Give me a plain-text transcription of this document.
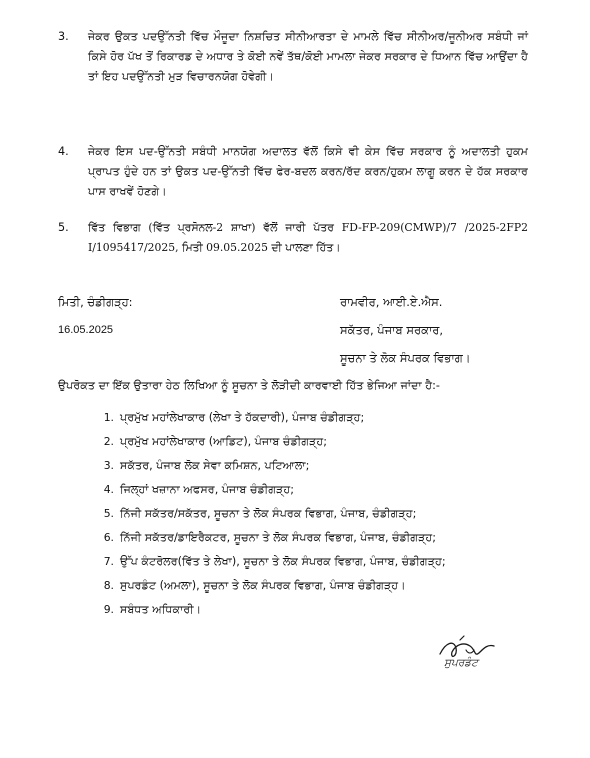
3. ਜੇਕਰ ਉਕਤ ਪਦਉੱਨਤੀ ਵਿੱਚ ਮੌਜੂਦਾ ਨਿਸ਼ਚਿਤ ਸੀਨੀਆਰਤਾ ਦੇ ਮਾਮਲੇ ਵਿੱਚ ਸੀਨੀਅਰ/ਜੂਨੀਅਰ ਸਬੰਧੀ ਜਾਂ ਕਿਸੇ ਹੋਰ ਪੱਖ ਤੋਂ ਰਿਕਾਰਡ ਦੇ ਅਧਾਰ ਤੇ ਕੋਈ ਨਵੇਂ ਤੱਥ/ਕੋਈ ਮਾਮਲਾ ਜੇਕਰ ਸਰਕਾਰ ਦੇ ਧਿਆਨ ਵਿੱਚ ਆਉਂਦਾ ਹੈ ਤਾਂ ਇਹ ਪਦਉੱਨਤੀ ਮੁੜ ਵਿਚਾਰਨਯੋਗ ਹੋਵੇਗੀ।
4. ਜੇਕਰ ਇਸ ਪਦ-ਉੱਨਤੀ ਸਬੰਧੀ ਮਾਨਯੋਗ ਅਦਾਲਤ ਵੱਲੋਂ ਕਿਸੇ ਵੀ ਕੇਸ ਵਿੱਚ ਸਰਕਾਰ ਨੂੰ ਅਦਾਲਤੀ ਹੁਕਮ ਪ੍ਰਾਪਤ ਹੁੰਦੇ ਹਨ ਤਾਂ ਉਕਤ ਪਦ-ਉੱਨਤੀ ਵਿੱਚ ਫੇਰ-ਬਦਲ ਕਰਨ/ਰੱਦ ਕਰਨ/ਹੁਕਮ ਲਾਗੂ ਕਰਨ ਦੇ ਹੱਕ ਸਰਕਾਰ ਪਾਸ ਰਾਖਵੇਂ ਹੋਣਗੇ।
5. ਵਿੱਤ ਵਿਭਾਗ (ਵਿੱਤ ਪ੍ਰਸੋਨਲ-2 ਸ਼ਾਖਾ) ਵੱਲੋਂ ਜਾਰੀ ਪੱਤਰ FD-FP-209(CMWP)/7 /2025-2FP2 I/1095417/2025, ਮਿਤੀ 09.05.2025 ਦੀ ਪਾਲਣਾ ਹਿੱਤ।
ਮਿਤੀ, ਚੰਡੀਗੜ੍ਹ:
16.05.2025
ਰਾਮਵੀਰ, ਆਈ.ਏ.ਐਸ.
ਸਕੱਤਰ, ਪੰਜਾਬ ਸਰਕਾਰ,
ਸੂਚਨਾ ਤੇ ਲੋਕ ਸੰਪਰਕ ਵਿਭਾਗ।
ਉਪਰੋਕਤ ਦਾ ਇੱਕ ਉਤਾਰਾ ਹੇਠ ਲਿਖਿਆ ਨੂੰ ਸੂਚਨਾ ਤੇ ਲੋੜੀਦੀ ਕਾਰਵਾਈ ਹਿੱਤ ਭੇਜਿਆ ਜਾਂਦਾ ਹੈ:-
1. ਪ੍ਰਮੁੱਖ ਮਹਾਂਲੇਖਾਕਾਰ (ਲੇਖਾ ਤੇ ਹੱਕਦਾਰੀ), ਪੰਜਾਬ ਚੰਡੀਗੜ੍ਹ;
2. ਪ੍ਰਮੁੱਖ ਮਹਾਂਲੇਖਾਕਾਰ (ਆਡਿਟ), ਪੰਜਾਬ ਚੰਡੀਗੜ੍ਹ;
3. ਸਕੱਤਰ, ਪੰਜਾਬ ਲੋਕ ਸੇਵਾ ਕਮਿਸ਼ਨ, ਪਟਿਆਲਾ;
4. ਜਿਲ੍ਹਾਂ ਖਜ਼ਾਨਾ ਅਫਸਰ, ਪੰਜਾਬ ਚੰਡੀਗੜ੍ਹ;
5. ਨਿੱਜੀ ਸਕੱਤਰ/ਸਕੱਤਰ, ਸੂਚਨਾ ਤੇ ਲੋਕ ਸੰਪਰਕ ਵਿਭਾਗ, ਪੰਜਾਬ, ਚੰਡੀਗੜ੍ਹ;
6. ਨਿੱਜੀ ਸਕੱਤਰ/ਡਾਇਰੈਕਟਰ, ਸੂਚਨਾ ਤੇ ਲੋਕ ਸੰਪਰਕ ਵਿਭਾਗ, ਪੰਜਾਬ, ਚੰਡੀਗੜ੍ਹ;
7. ਉੱਪ ਕੰਟਰੋਲਰ(ਵਿੱਤ ਤੇ ਲੇਖਾ), ਸੂਚਨਾ ਤੇ ਲੋਕ ਸੰਪਰਕ ਵਿਭਾਗ, ਪੰਜਾਬ, ਚੰਡੀਗੜ੍ਹ;
8. ਸੁਪਰਡੰਟ (ਅਮਲਾ), ਸੂਚਨਾ ਤੇ ਲੋਕ ਸੰਪਰਕ ਵਿਭਾਗ, ਪੰਜਾਬ ਚੰਡੀਗੜ੍ਹ।
9. ਸਬੰਧਤ ਅਧਿਕਾਰੀ।
ਸੁਪਰਡੰਟ
